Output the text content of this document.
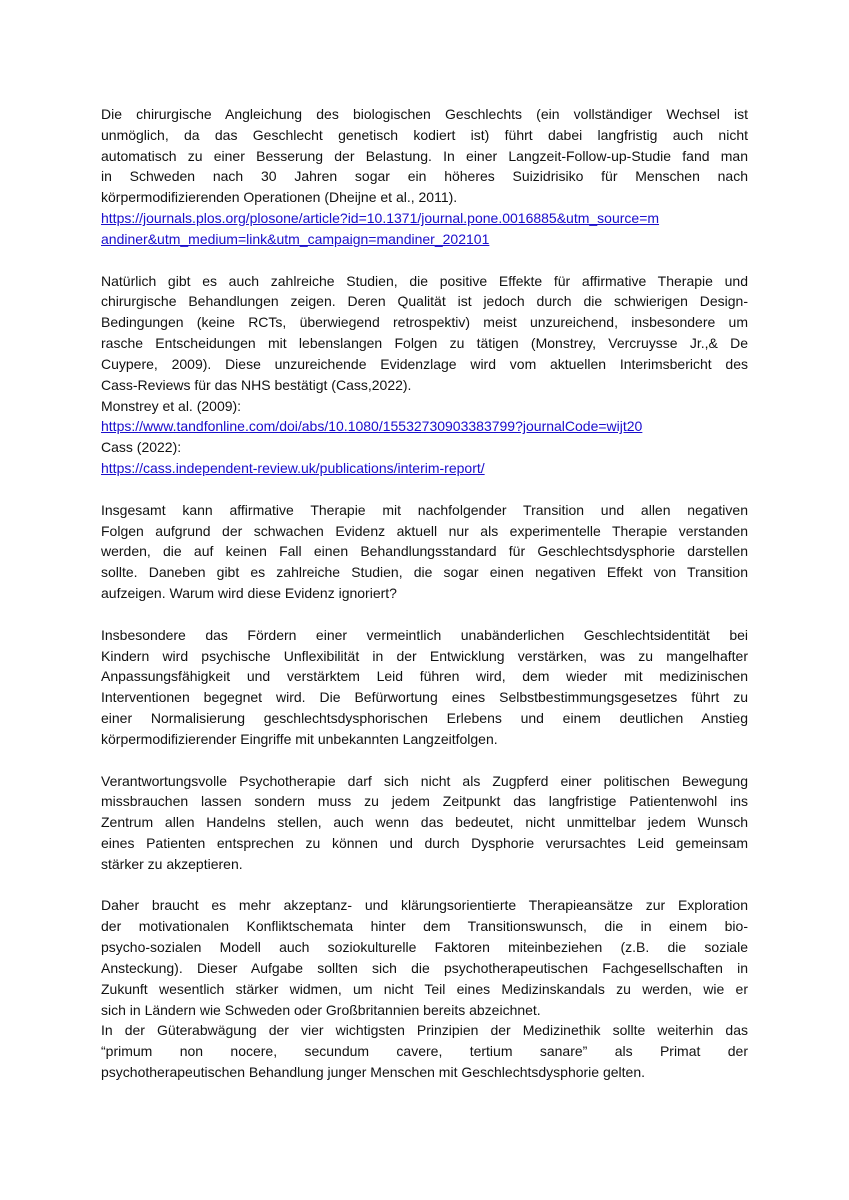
Die chirurgische Angleichung des biologischen Geschlechts (ein vollständiger Wechsel ist
unmöglich, da das Geschlecht genetisch kodiert ist) führt dabei langfristig auch nicht
automatisch zu einer Besserung der Belastung. In einer Langzeit-Follow-up-Studie fand man
in Schweden nach 30 Jahren sogar ein höheres Suizidrisiko für Menschen nach
körpermodifizierenden Operationen (Dheijne et al., 2011).
https://journals.plos.org/plosone/article?id=10.1371/journal.pone.0016885&utm_source=m
andiner&utm_medium=link&utm_campaign=mandiner_202101
Natürlich gibt es auch zahlreiche Studien, die positive Effekte für affirmative Therapie und
chirurgische Behandlungen zeigen. Deren Qualität ist jedoch durch die schwierigen Design-
Bedingungen (keine RCTs, überwiegend retrospektiv) meist unzureichend, insbesondere um
rasche Entscheidungen mit lebenslangen Folgen zu tätigen (Monstrey, Vercruysse Jr.,& De
Cuypere, 2009). Diese unzureichende Evidenzlage wird vom aktuellen Interimsbericht des
Cass-Reviews für das NHS bestätigt (Cass,2022).
Monstrey et al. (2009):
https://www.tandfonline.com/doi/abs/10.1080/15532730903383799?journalCode=wijt20
Cass (2022):
https://cass.independent-review.uk/publications/interim-report/
Insgesamt kann affirmative Therapie mit nachfolgender Transition und allen negativen
Folgen aufgrund der schwachen Evidenz aktuell nur als experimentelle Therapie verstanden
werden, die auf keinen Fall einen Behandlungsstandard für Geschlechtsdysphorie darstellen
sollte. Daneben gibt es zahlreiche Studien, die sogar einen negativen Effekt von Transition
aufzeigen. Warum wird diese Evidenz ignoriert?
Insbesondere das Fördern einer vermeintlich unabänderlichen Geschlechtsidentität bei
Kindern wird psychische Unflexibilität in der Entwicklung verstärken, was zu mangelhafter
Anpassungsfähigkeit und verstärktem Leid führen wird, dem wieder mit medizinischen
Interventionen begegnet wird. Die Befürwortung eines Selbstbestimmungsgesetzes führt zu
einer Normalisierung geschlechtsdysphorischen Erlebens und einem deutlichen Anstieg
körpermodifizierender Eingriffe mit unbekannten Langzeitfolgen.
Verantwortungsvolle Psychotherapie darf sich nicht als Zugpferd einer politischen Bewegung
missbrauchen lassen sondern muss zu jedem Zeitpunkt das langfristige Patientenwohl ins
Zentrum allen Handelns stellen, auch wenn das bedeutet, nicht unmittelbar jedem Wunsch
eines Patienten entsprechen zu können und durch Dysphorie verursachtes Leid gemeinsam
stärker zu akzeptieren.
Daher braucht es mehr akzeptanz- und klärungsorientierte Therapieansätze zur Exploration
der motivationalen Konfliktschemata hinter dem Transitionswunsch, die in einem bio-
psycho-sozialen Modell auch soziokulturelle Faktoren miteinbeziehen (z.B. die soziale
Ansteckung). Dieser Aufgabe sollten sich die psychotherapeutischen Fachgesellschaften in
Zukunft wesentlich stärker widmen, um nicht Teil eines Medizinskandals zu werden, wie er
sich in Ländern wie Schweden oder Großbritannien bereits abzeichnet.
In der Güterabwägung der vier wichtigsten Prinzipien der Medizinethik sollte weiterhin das
“primum non nocere, secundum cavere, tertium sanare” als Primat der
psychotherapeutischen Behandlung junger Menschen mit Geschlechtsdysphorie gelten.
